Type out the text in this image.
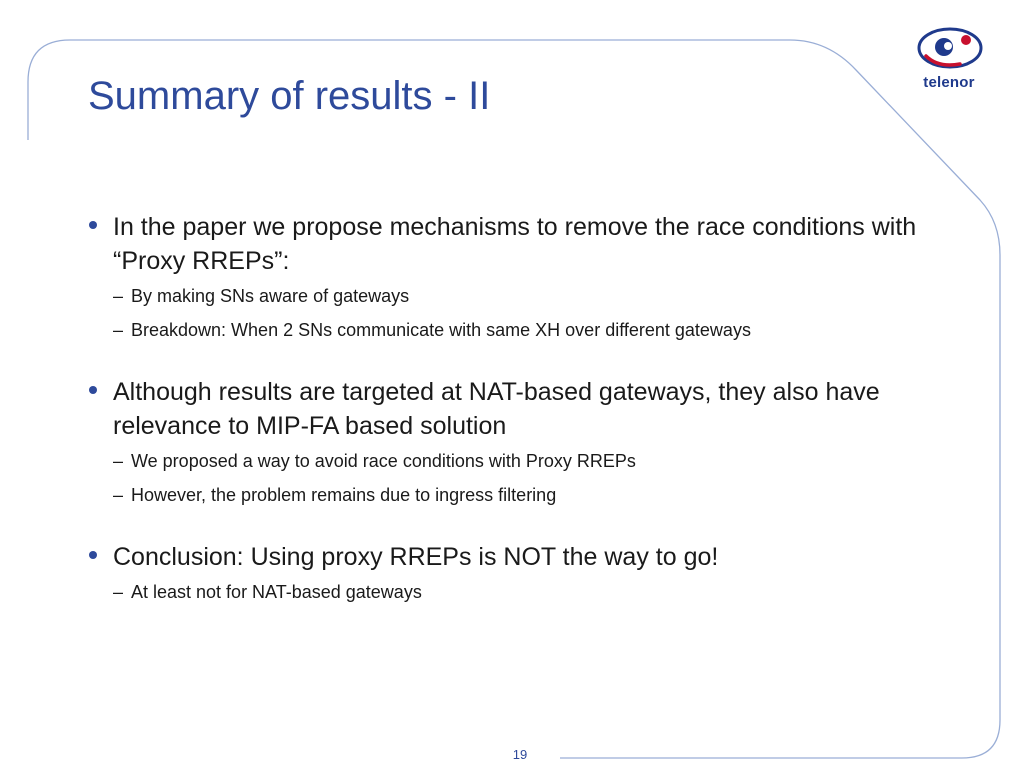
telenor
Summary of results - II
In the paper we propose mechanisms to remove the race conditions with “Proxy RREPs”:
– By making SNs aware of gateways
– Breakdown: When 2 SNs communicate with same XH over different gateways
Although results are targeted at NAT-based gateways, they also have relevance to MIP-FA based solution
– We proposed a way to avoid race conditions with Proxy RREPs
– However, the problem remains due to ingress filtering
Conclusion: Using proxy RREPs is NOT the way to go!
– At least not for NAT-based gateways
19
